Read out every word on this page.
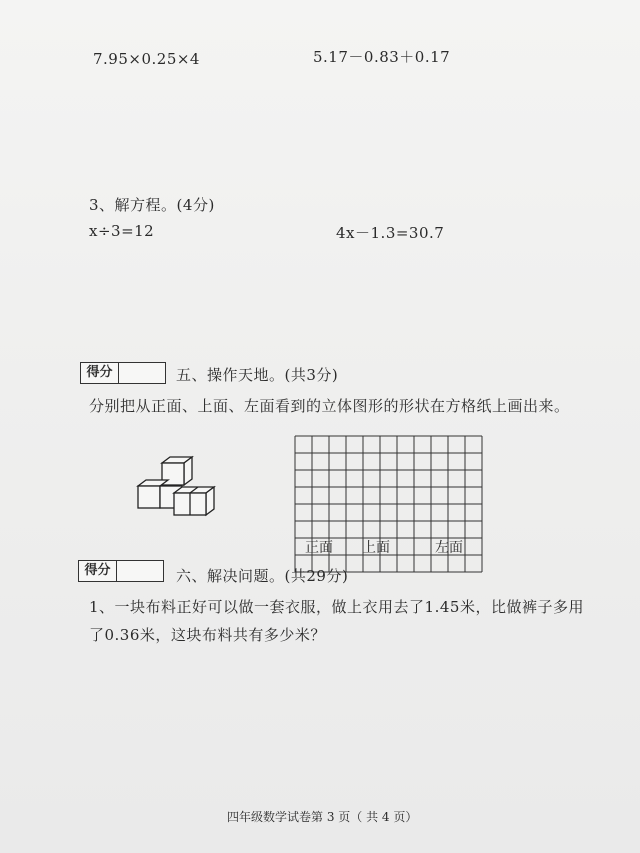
7.95×0.25×4	5.17－0.83＋0.17
3、解方程。(4分)
x÷3=12	4x－1.3=30.7
得分	五、操作天地。(共3分)
分别把从正面、上面、左面看到的立体图形的形状在方格纸上画出来。
正面 上面	左面
得分	六、解决问题。(共29分)
1、一块布料正好可以做一套衣服，做上衣用去了1.45米，比做裤子多用
了0.36米，这块布料共有多少米？
四年级数学试卷第 3 页（ 共 4 页）
